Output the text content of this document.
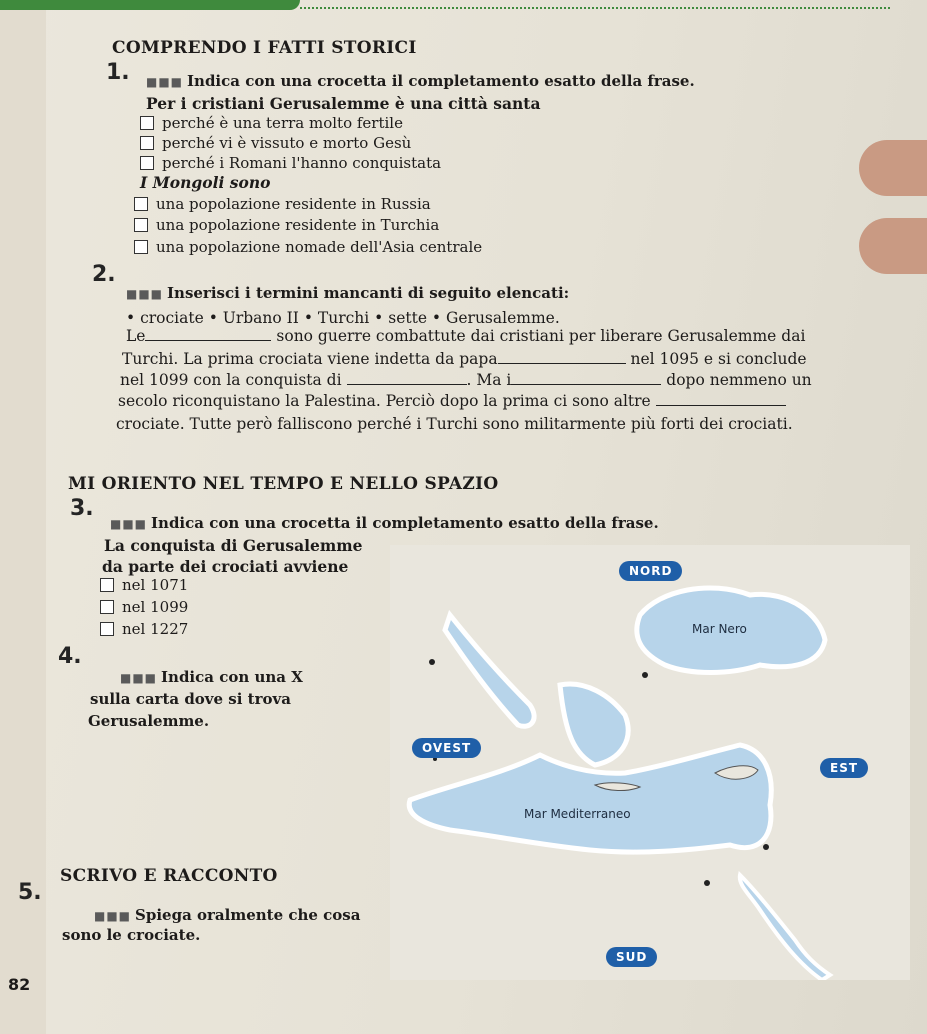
COMPRENDO I FATTI STORICI
1. ■■■ Indica con una crocetta il completamento esatto della frase.
Per i cristiani Gerusalemme è una città santa
perché è una terra molto fertile
perché vi è vissuto e morto Gesù
perché i Romani l'hanno conquistata
I Mongoli sono
una popolazione residente in Russia
una popolazione residente in Turchia
una popolazione nomade dell'Asia centrale
2.
■■■ Inserisci i termini mancanti di seguito elencati:
• crociate • Urbano II • Turchi • sette • Gerusalemme.
Le	sono guerre combattute dai cristiani per liberare Gerusalemme dai
Turchi. La prima crociata viene indetta da papa	nel 1095 e si conclude
nel 1099 con la conquista di	. Ma i	dopo nemmeno un
secolo riconquistano la Palestina. Perciò dopo la prima ci sono altre
crociate. Tutte però falliscono perché i Turchi sono militarmente più forti dei crociati.
MI ORIENTO NEL TEMPO E NELLO SPAZIO
3.
■■■ Indica con una crocetta il completamento esatto della frase.
La conquista di Gerusalemme
da parte dei crociati avviene
nel 1071
nel 1099
nel 1227
4.
■■■ Indica con una X
sulla carta dove si trova
Gerusalemme.
NORD
SUD
OVEST
EST
Mar Nero
Mar Mediterraneo
SCRIVO E RACCONTO
5.
■■■ Spiega oralmente che cosa
sono le crociate.
82
